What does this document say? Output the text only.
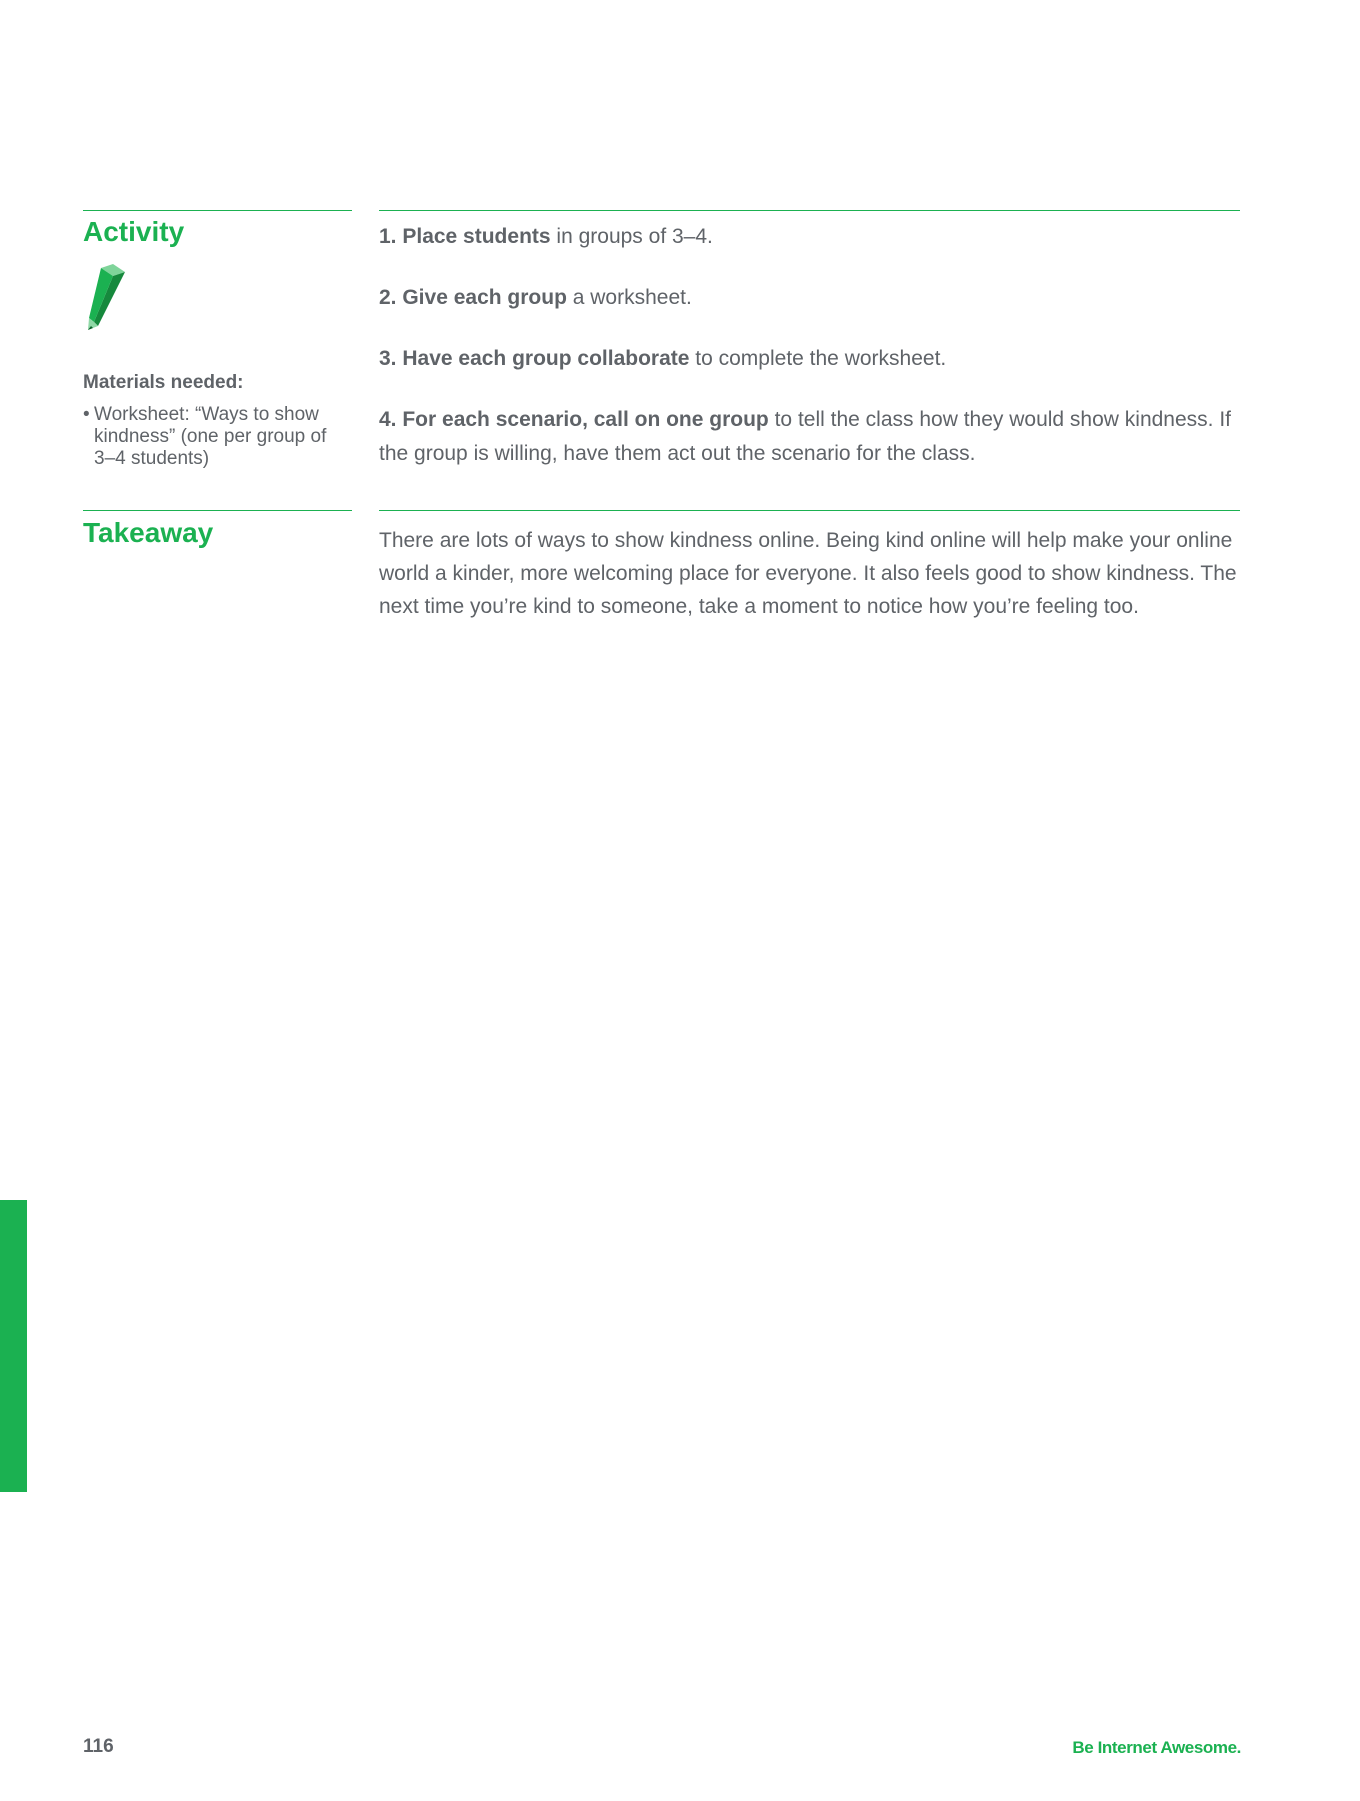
Activity
Materials needed:
• Worksheet: “Ways to show kindness” (one per group of 3–4 students)

1. Place students in groups of 3–4.

2. Give each group a worksheet.

3. Have each group collaborate to complete the worksheet.

4. For each scenario, call on one group to tell the class how they would show kindness. If the group is willing, have them act out the scenario for the class.

Takeaway	There are lots of ways to show kindness online. Being kind online will help make your online world a kinder, more welcoming place for everyone. It also feels good to show kindness. The next time you’re kind to someone, take a moment to notice how you’re feeling too.

116	Be Internet Awesome.
